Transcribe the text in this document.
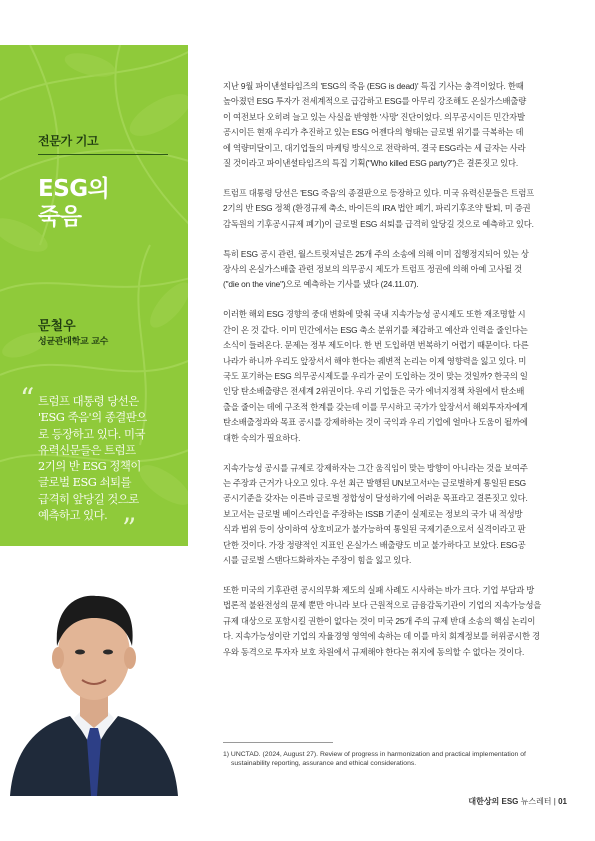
전문가 기고
ESG의
죽음
문철우
성균관대학교 교수
“ 트럼프 대통령 당선은
'ESG 죽음'의 종결판으
로 등장하고 있다. 미국
유력신문들은 트럼프
2기의 반 ESG 정책이
글로벌 ESG 쇠퇴를
급격히 앞당길 것으로
예측하고 있다. ”
지난 9월 파이낸셜타임즈의 'ESG의 죽음 (ESG is dead)' 특집 기사는 충격이었다. 한때
높아졌던 ESG 투자가 전세계적으로 급감하고 ESG를 아무리 강조해도 온실가스배출량
이 여전보다 오히려 늘고 있는 사실을 반영한 '사망' 진단이었다. 의무공시이든 민간자발
공시이든 현재 우리가 추진하고 있는 ESG 어젠다의 형태는 글로벌 위기를 극복하는 데
에 역량미달이고, 대기업들의 마케팅 방식으로 전락하여, 결국 ESG라는 세 글자는 사라
질 것이라고 파이낸셜타임즈의 특집 기획("Who killed ESG party?")은 결론짓고 있다.
트럼프 대통령 당선은 'ESG 죽음'의 종결판으로 등장하고 있다. 미국 유력신문들은 트럼프
2기의 반 ESG 정책 (환경규제 축소, 바이든의 IRA 법안 폐기, 파리기후조약 탈퇴, 미 증권
감독원의 기후공시규제 폐기)이 글로벌 ESG 쇠퇴를 급격히 앞당길 것으로 예측하고 있다.
특히 ESG 공시 관련, 월스트릿저널은 25개 주의 소송에 의해 이미 집행정지되어 있는 상
장사의 온실가스배출 관련 정보의 의무공시 제도가 트럼프 정권에 의해 아예 고사될 것
("die on the vine")으로 예측하는 기사를 냈다 (24.11.07).
이러한 해외 ESG 경향의 중대 변화에 맞춰 국내 지속가능성 공시제도 또한 재조명할 시
간이 온 것 같다. 이미 민간에서는 ESG 축소 분위기를 체감하고 예산과 인력을 줄인다는
소식이 들려온다. 문제는 정부 제도이다. 한 번 도입하면 번복하기 어렵기 때문이다. 다른
나라가 하니까 우리도 앞장서서 해야 한다는 궤변적 논리는 이제 영향력을 잃고 있다. 미
국도 포기하는 ESG 의무공시제도를 우리가 굳이 도입하는 것이 맞는 것일까? 한국의 일
인당 탄소배출량은 전세계 2위권이다. 우리 기업들은 국가 에너지정책 차원에서 탄소배
출을 줄이는 데에 구조적 한계를 갖는데 이를 무시하고 국가가 앞장서서 해외투자자에게
탄소배출정과와 목표 공시를 강제하하는 것이 국익과 우리 기업에 얼마나 도움이 될까에
대한 숙의가 필요하다.
지속가능성 공시를 규제로 강제하자는 그간 움직임이 맞는 방향이 아니라는 것을 보여주
는 주장과 근거가 나오고 있다. 우선 최근 발행된 UN보고서¹⁾는 글로벌하게 통일된 ESG
공시기준을 갖자는 이른바 글로벌 정합성이 달성하기에 어려운 목표라고 결론짓고 있다.
보고서는 글로벌 베이스라인을 주장하는 ISSB 기준이 실제로는 정보의 국가 내 적성방
식과 범위 등이 상이하여 상호비교가 불가능하여 통일된 국제기준으로서 실격이라고 판
단한 것이다. 가장 정량적인 지표인 온실가스 배출량도 비교 불가하다고 보았다. ESG공
시를 글로벌 스탠다드화하자는 주장이 힘을 잃고 있다.
또한 미국의 기후관련 공시의무화 제도의 실패 사례도 시사하는 바가 크다. 기업 부담과 방
법론적 불완전성의 문제 뿐만 아니라 보다 근원적으로 금융감독기관이 기업의 지속가능성을
규제 대상으로 포함시킬 권한이 없다는 것이 미국 25개 주의 규제 반대 소송의 핵심 논리이
다. 지속가능성이란 기업의 자율경영 영역에 속하는 데 이를 마치 회계정보를 허위공시한 경
우와 동격으로 투자자 보호 차원에서 규제해야 한다는 취지에 동의할 수 없다는 것이다.
1) UNCTAD. (2024, August 27). Review of progress in harmonization and practical implementation of
sustainability reporting, assurance and ethical considerations.
대한상의 ESG 뉴스레터 | 01
